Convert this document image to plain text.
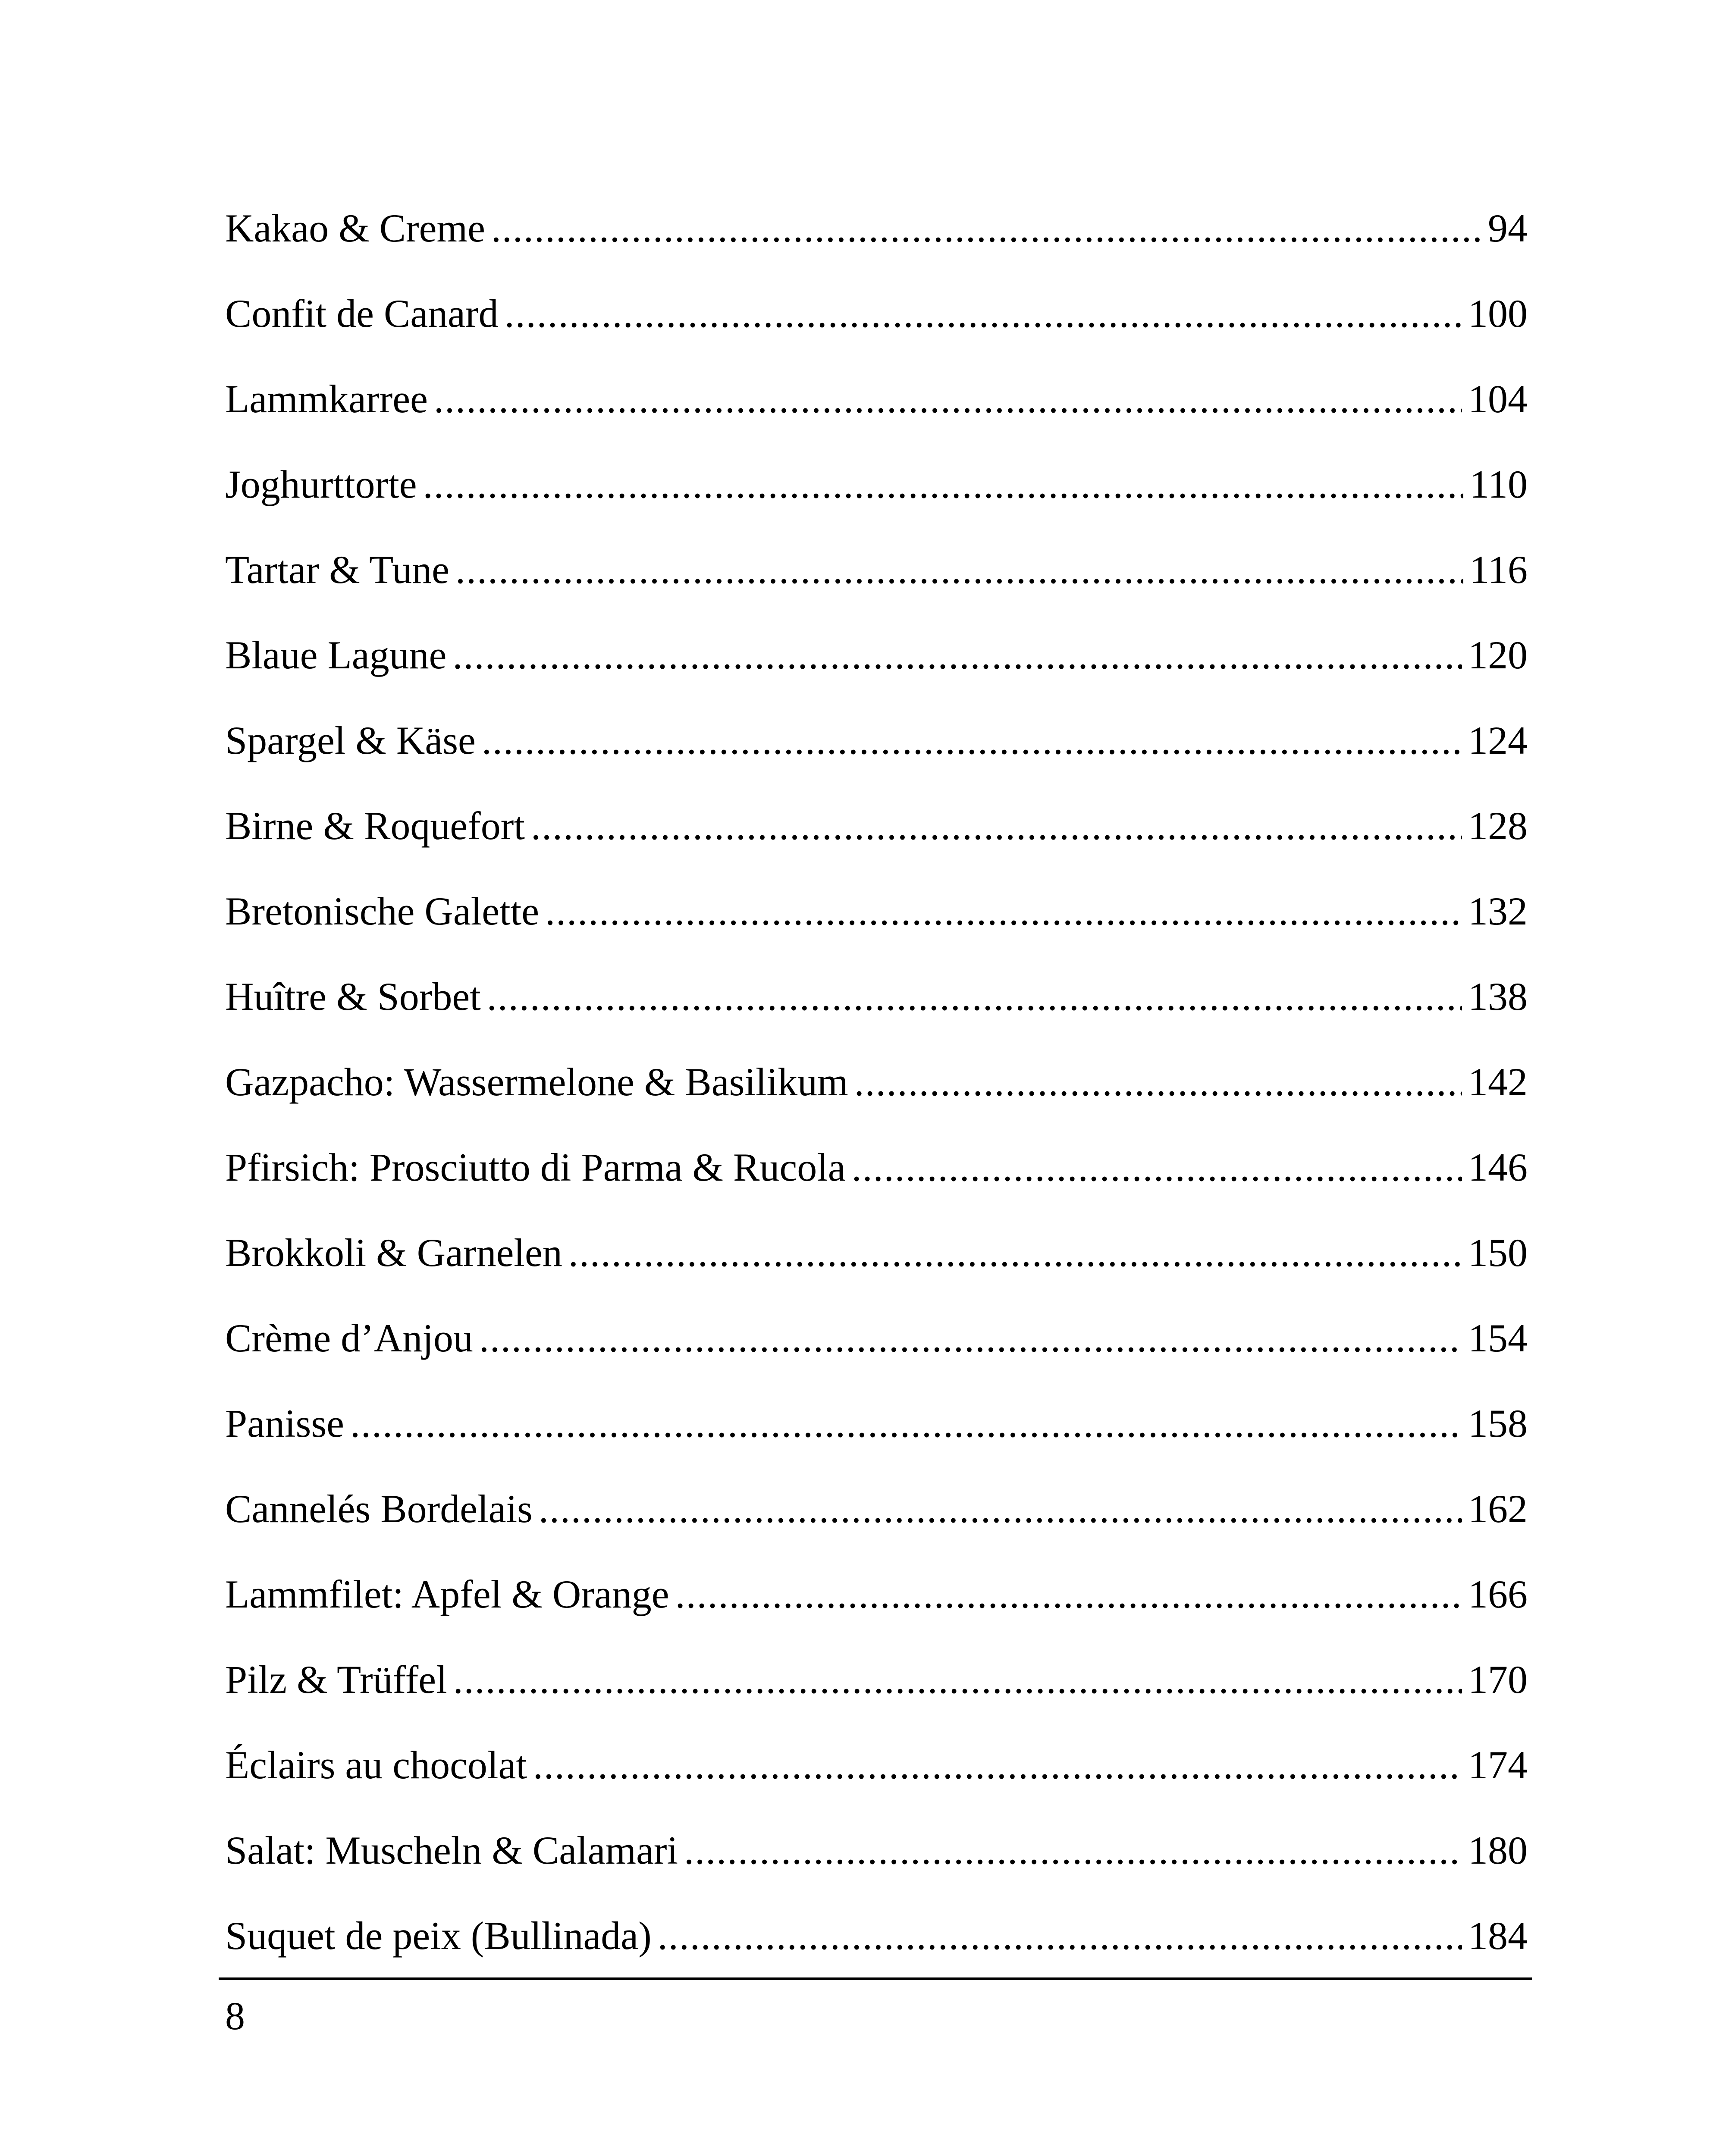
Kakao & Creme .....	94
Confit de Canard .....	100
Lammkarree .....	104
Joghurttorte .....	110
Tartar & Tune .....	116
Blaue Lagune .....	120
Spargel & Käse .....	124
Birne & Roquefort .....	128
Bretonische Galette .....	132
Huître & Sorbet .....	138
Gazpacho: Wassermelone & Basilikum .....	142
Pfirsich: Prosciutto di Parma & Rucola .....	146
Brokkoli & Garnelen .....	150
Crème d’Anjou .....	154
Panisse .....	158
Cannelés Bordelais .....	162
Lammfilet: Apfel & Orange .....	166
Pilz & Trüffel .....	170
Éclairs au chocolat .....	174
Salat: Muscheln & Calamari .....	180
Suquet de peix (Bullinada) .....	184
8
